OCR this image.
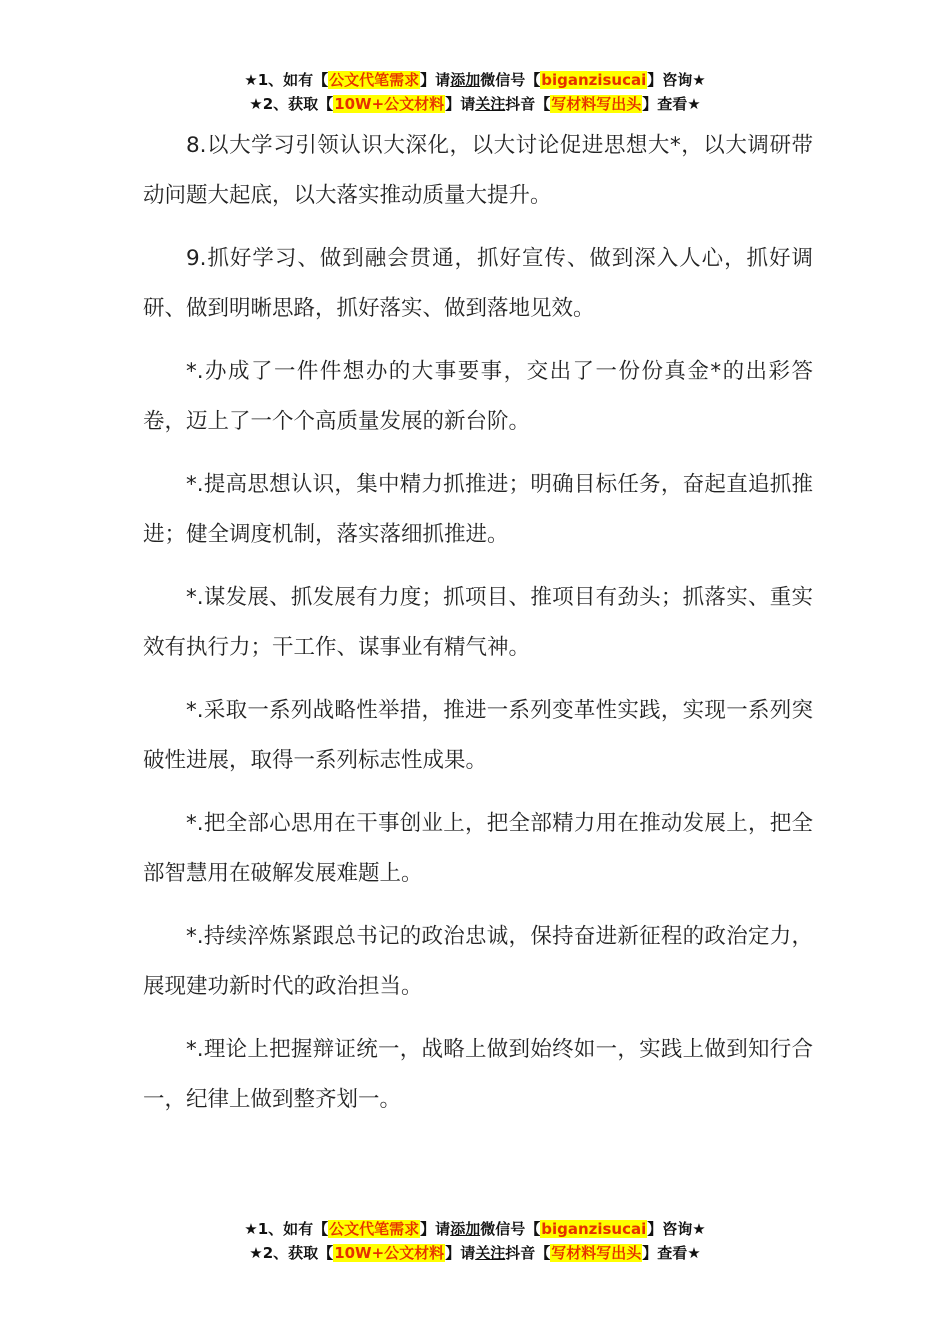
★1、如有【公文代笔需求】请添加微信号【biganzisucai】咨询★
★2、获取【10W+公文材料】请关注抖音【写材料写出头】查看★

8.以大学习引领认识大深化，以大讨论促进思想大*，以大调研带动问题大起底，以大落实推动质量大提升。

9.抓好学习、做到融会贯通，抓好宣传、做到深入人心，抓好调研、做到明晰思路，抓好落实、做到落地见效。

*.办成了一件件想办的大事要事，交出了一份份真金*的出彩答卷，迈上了一个个高质量发展的新台阶。

*.提高思想认识，集中精力抓推进；明确目标任务，奋起直追抓推进；健全调度机制，落实落细抓推进。

*.谋发展、抓发展有力度；抓项目、推项目有劲头；抓落实、重实效有执行力；干工作、谋事业有精气神。

*.采取一系列战略性举措，推进一系列变革性实践，实现一系列突破性进展，取得一系列标志性成果。

*.把全部心思用在干事创业上，把全部精力用在推动发展上，把全部智慧用在破解发展难题上。

*.持续淬炼紧跟总书记的政治忠诚，保持奋进新征程的政治定力，展现建功新时代的政治担当。

*.理论上把握辩证统一，战略上做到始终如一，实践上做到知行合一，纪律上做到整齐划一。

★1、如有【公文代笔需求】请添加微信号【biganzisucai】咨询★
★2、获取【10W+公文材料】请关注抖音【写材料写出头】查看★
